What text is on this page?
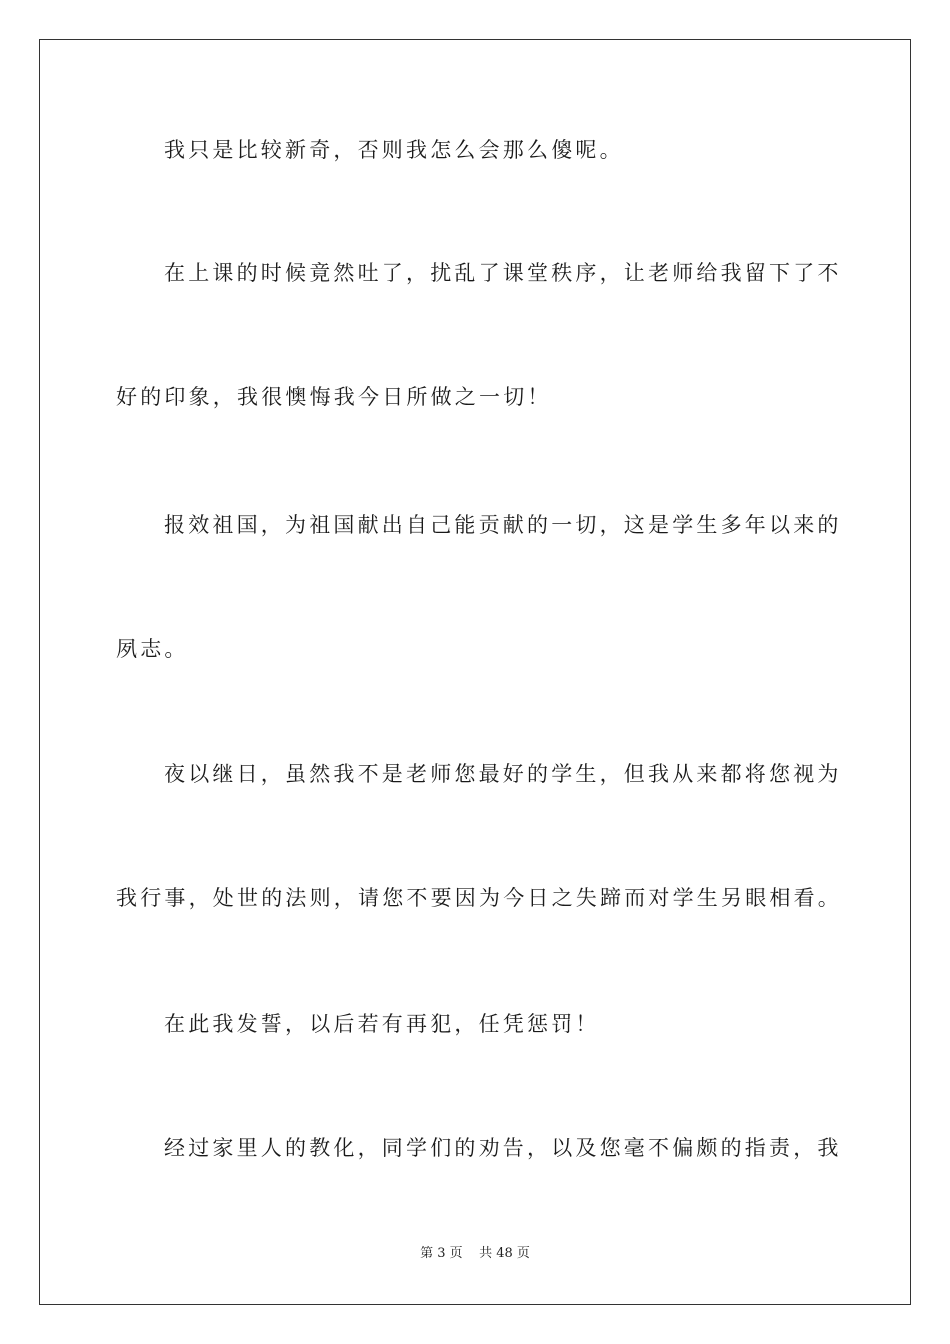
我只是比较新奇，否则我怎么会那么傻呢。
在上课的时候竟然吐了，扰乱了课堂秩序，让老师给我留下了不
好的印象，我很懊悔我今日所做之一切！
报效祖国，为祖国献出自己能贡献的一切，这是学生多年以来的
夙志。
夜以继日，虽然我不是老师您最好的学生，但我从来都将您视为
我行事，处世的法则，请您不要因为今日之失蹄而对学生另眼相看。
在此我发誓，以后若有再犯，任凭惩罚！
经过家里人的教化，同学们的劝告，以及您毫不偏颇的指责，我
第 3 页    共 48 页
